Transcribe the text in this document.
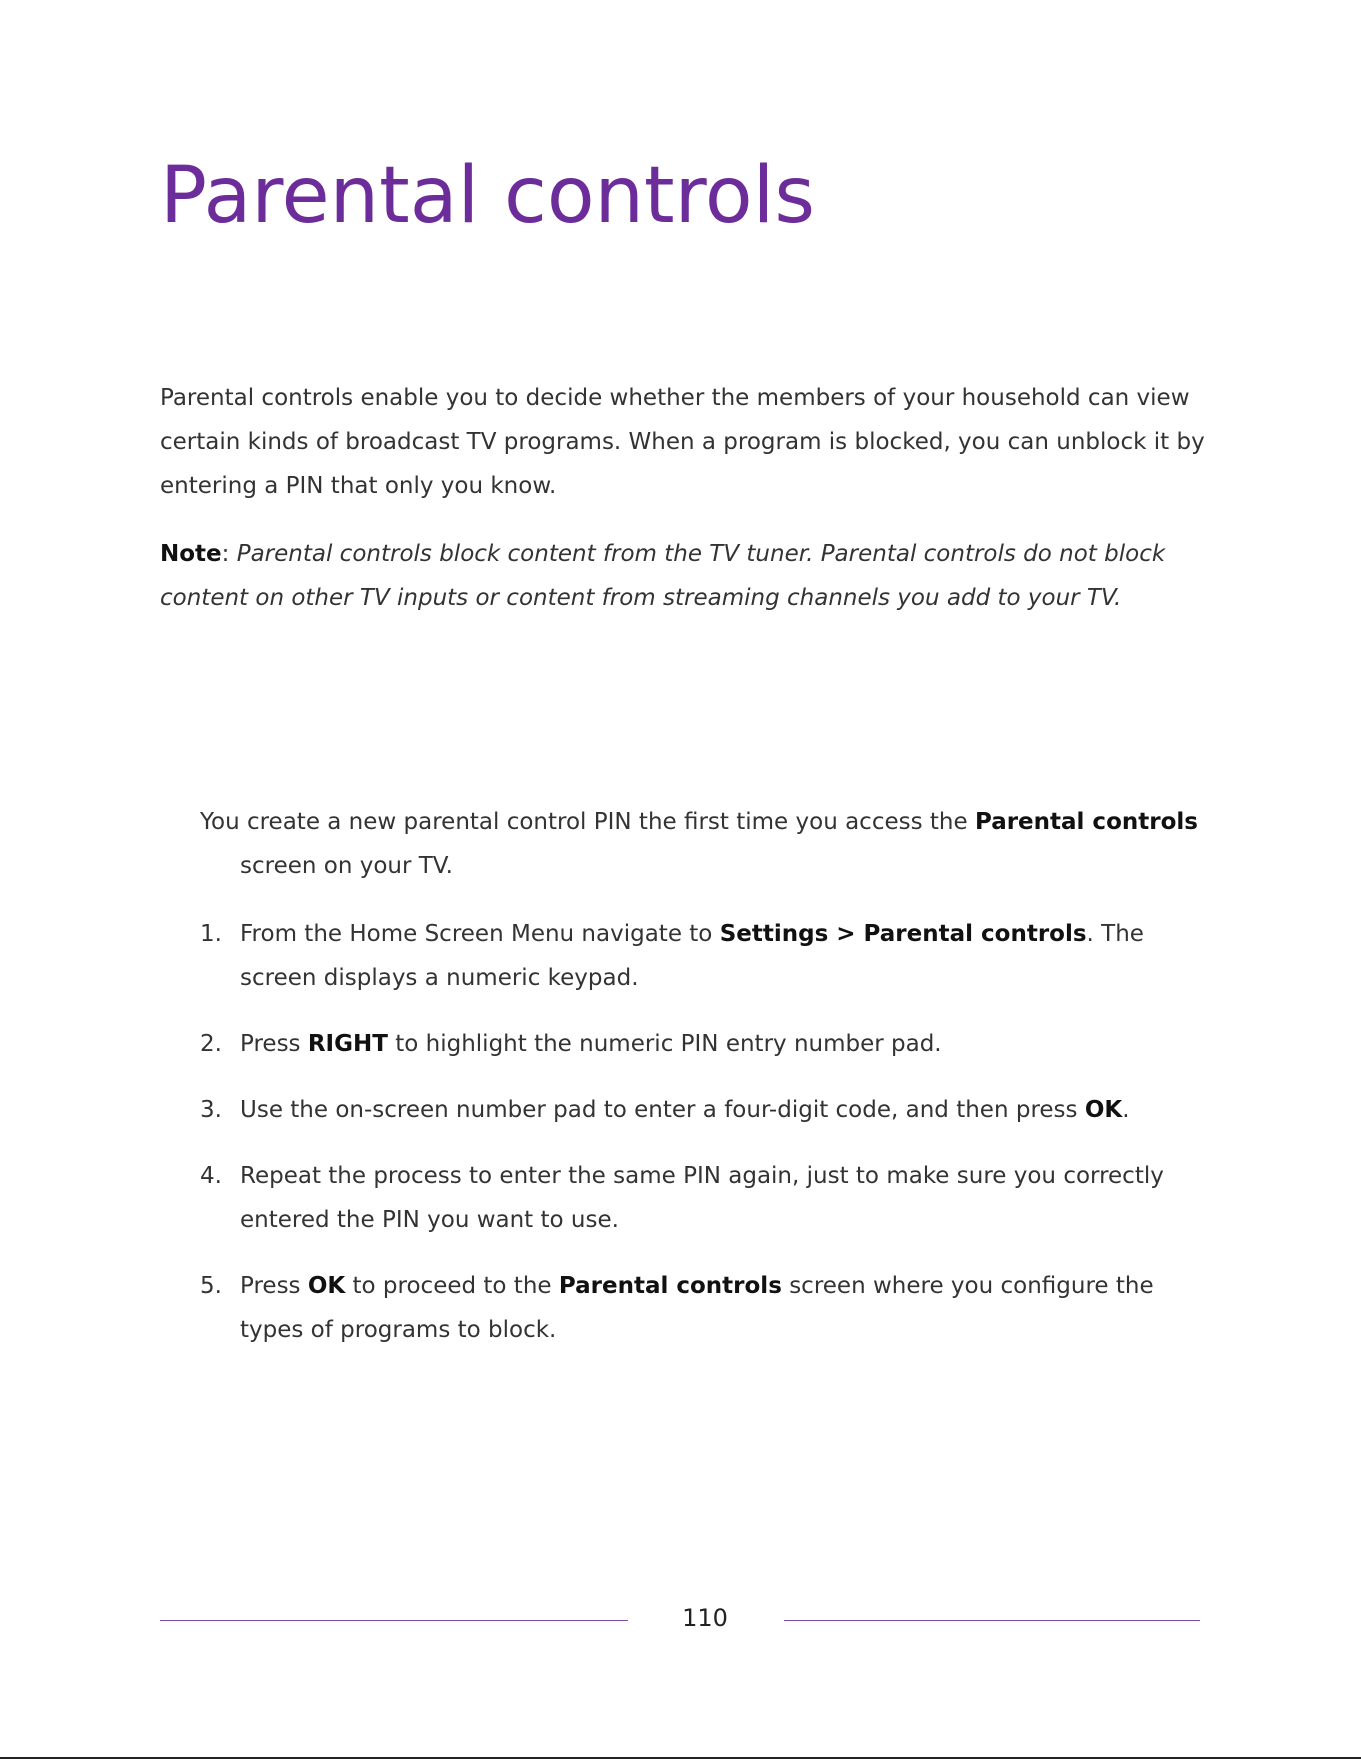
Parental controls

Parental controls enable you to decide whether the members of your household can view certain kinds of broadcast TV programs. When a program is blocked, you can unblock it by entering a PIN that only you know.

Note: Parental controls block content from the TV tuner. Parental controls do not block content on other TV inputs or content from streaming channels you add to your TV.

You create a new parental control PIN the first time you access the Parental controls screen on your TV.

1. From the Home Screen Menu navigate to Settings > Parental controls. The screen displays a numeric keypad.
2. Press RIGHT to highlight the numeric PIN entry number pad.
3. Use the on-screen number pad to enter a four-digit code, and then press OK.
4. Repeat the process to enter the same PIN again, just to make sure you correctly entered the PIN you want to use.
5. Press OK to proceed to the Parental controls screen where you configure the types of programs to block.
110
